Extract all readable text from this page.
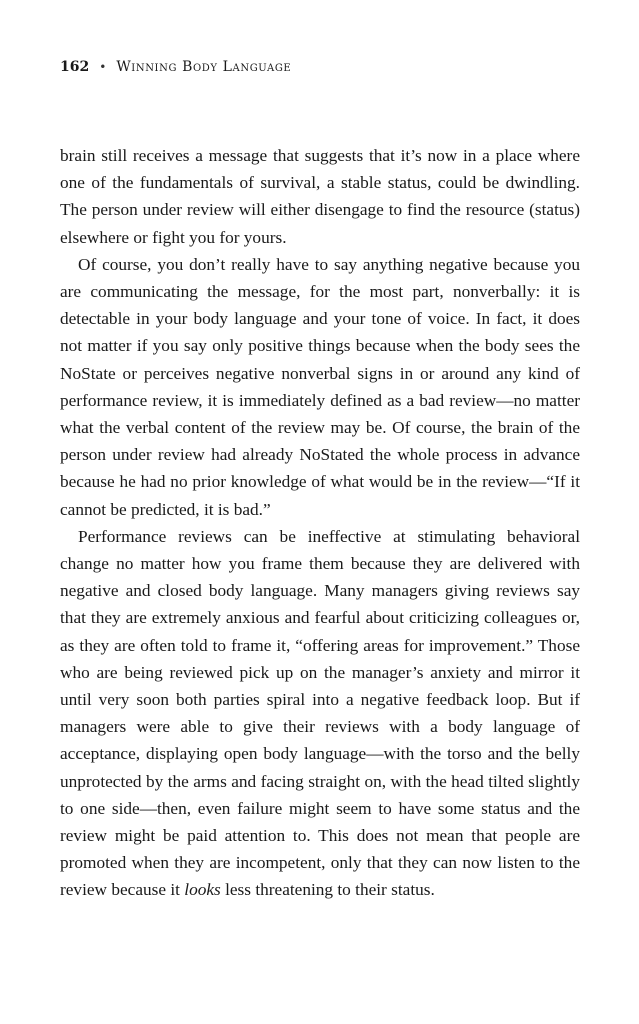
162 • Winning Body Language

brain still receives a message that suggests that it’s now in a place where one of the fundamentals of survival, a stable status, could be dwindling. The person under review will either disengage to find the resource (status) elsewhere or fight you for yours.

Of course, you don’t really have to say anything negative because you are communicating the message, for the most part, nonverbally: it is detectable in your body language and your tone of voice. In fact, it does not matter if you say only positive things because when the body sees the NoState or perceives negative nonverbal signs in or around any kind of performance review, it is immediately defined as a bad review—no matter what the verbal content of the review may be. Of course, the brain of the person under review had already NoStated the whole process in advance because he had no prior knowledge of what would be in the review—“If it cannot be predicted, it is bad.”

Performance reviews can be ineffective at stimulating behavioral change no matter how you frame them because they are delivered with negative and closed body language. Many managers giving reviews say that they are extremely anxious and fearful about criticizing colleagues or, as they are often told to frame it, “offering areas for improvement.” Those who are being reviewed pick up on the manager’s anxiety and mirror it until very soon both parties spiral into a negative feedback loop. But if managers were able to give their reviews with a body language of acceptance, displaying open body language—with the torso and the belly unprotected by the arms and facing straight on, with the head tilted slightly to one side—then, even failure might seem to have some status and the review might be paid attention to. This does not mean that people are promoted when they are incompetent, only that they can now listen to the review because it looks less threatening to their status.
